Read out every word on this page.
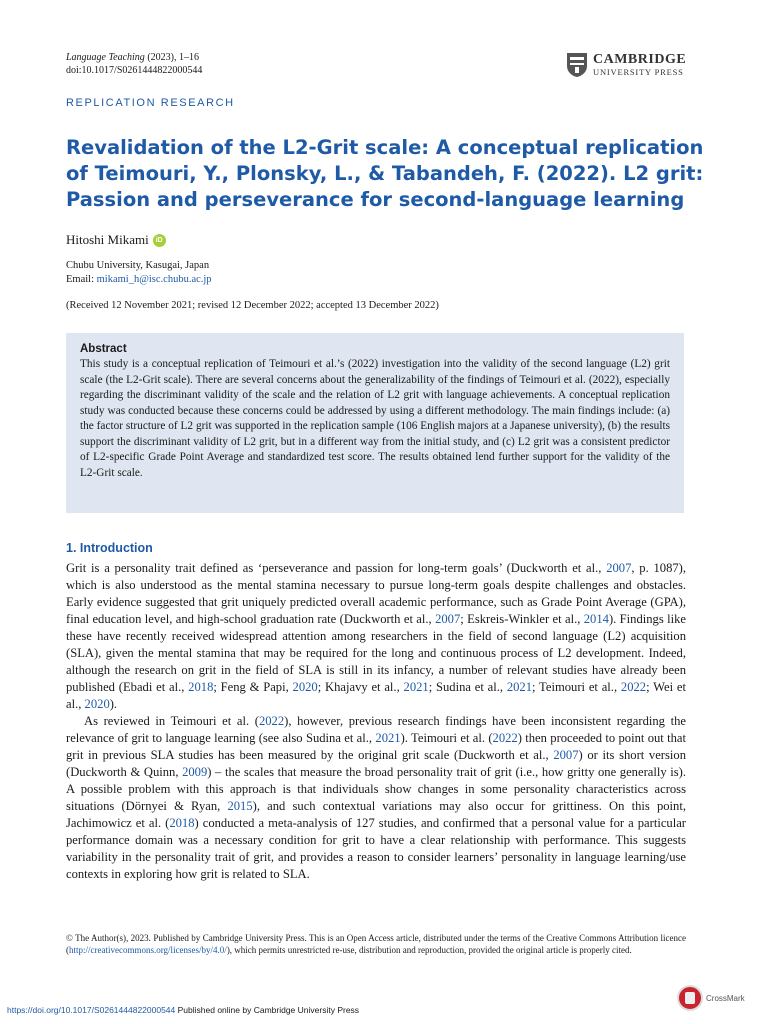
Language Teaching (2023), 1–16
doi:10.1017/S0261444822000544
CAMBRIDGE
UNIVERSITY PRESS
REPLICATION RESEARCH
Revalidation of the L2-Grit scale: A conceptual replication of Teimouri, Y., Plonsky, L., & Tabandeh, F. (2022). L2 grit: Passion and perseverance for second-language learning
Hitoshi Mikami	iD
Chubu University, Kasugai, Japan
Email: mikami_h@isc.chubu.ac.jp
(Received 12 November 2021; revised 12 December 2022; accepted 13 December 2022)
Abstract

This study is a conceptual replication of Teimouri et al.’s (2022) investigation into the validity of the second language (L2) grit scale (the L2-Grit scale). There are several concerns about the generalizability of the findings of Teimouri et al. (2022), especially regarding the discriminant validity of the scale and the relation of L2 grit with language achievements. A conceptual replication study was conducted because these concerns could be addressed by using a different methodology. The main findings include: (a) the factor structure of L2 grit was supported in the replication sample (106 English majors at a Japanese university), (b) the results support the discriminant validity of L2 grit, but in a different way from the initial study, and (c) L2 grit was a consistent predictor of L2-specific Grade Point Average and standardized test score. The results obtained lend further support for the validity of the L2-Grit scale.

1. Introduction

Grit is a personality trait defined as ‘perseverance and passion for long-term goals’ (Duckworth et al., 2007, p. 1087), which is also understood as the mental stamina necessary to pursue long-term goals despite challenges and obstacles. Early evidence suggested that grit uniquely predicted overall academic performance, such as Grade Point Average (GPA), final education level, and high-school graduation rate (Duckworth et al., 2007; Eskreis-Winkler et al., 2014). Findings like these have recently received widespread attention among researchers in the field of second language (L2) acquisition (SLA), given the mental stamina that may be required for the long and continuous process of L2 development. Indeed, although the research on grit in the field of SLA is still in its infancy, a number of relevant studies have already been published (Ebadi et al., 2018; Feng & Papi, 2020; Khajavy et al., 2021; Sudina et al., 2021; Teimouri et al., 2022; Wei et al., 2020).

As reviewed in Teimouri et al. (2022), however, previous research findings have been inconsistent regarding the relevance of grit to language learning (see also Sudina et al., 2021). Teimouri et al. (2022) then proceeded to point out that grit in previous SLA studies has been measured by the original grit scale (Duckworth et al., 2007) or its short version (Duckworth & Quinn, 2009) – the scales that measure the broad personality trait of grit (i.e., how gritty one generally is). A possible problem with this approach is that individuals show changes in some personality characteristics across situations (Dörnyei & Ryan, 2015), and such contextual variations may also occur for grittiness. On this point, Jachimowicz et al. (2018) conducted a meta-analysis of 127 studies, and confirmed that a personal value for a particular performance domain was a necessary condition for grit to have a clear relationship with performance. This suggests variability in the personality trait of grit, and provides a reason to consider learners’ personality in language learning/use contexts in exploring how grit is related to SLA.

© The Author(s), 2023. Published by Cambridge University Press. This is an Open Access article, distributed under the terms of the Creative Commons Attribution licence (http://creativecommons.org/licenses/by/4.0/), which permits unrestricted re-use, distribution and reproduction, provided the original article is properly cited.
https://doi.org/10.1017/S0261444822000544 Published online by Cambridge University Press
CrossMark
